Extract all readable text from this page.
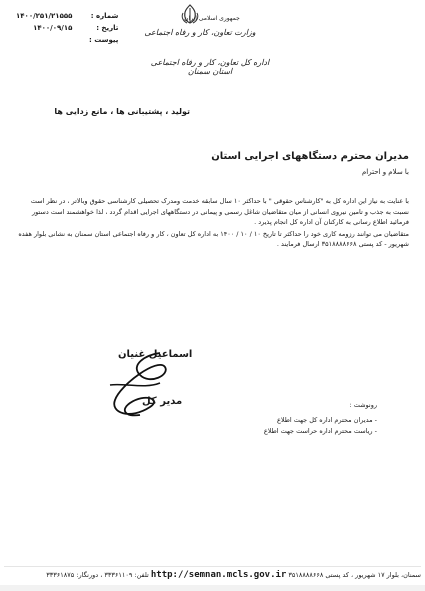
شماره :
۱۴۰۰/۲۵۱/۲۱۵۵۵
تاریخ :
۱۴۰۰/۰۹/۱۵
پیوست :
جمهوری اسلامی ایران
وزارت تعاون، کار و رفاه اجتماعی
اداره کل تعاون، کار و رفاه اجتماعی استان سمنان
تولید ، پشتیبانی ها ، مانع زدایی ها
مدیران محترم دستگاههای اجرایی استان
با سلام و احترام

با عنایت به نیاز این اداره کل به "کارشناس حقوقی " با حداکثر ۱۰ سال سابقه خدمت ومدرک تحصیلی کارشناسی حقوق وبالاتر ، در نظر است نسبت به جذب و تامین نیروی انسانی از میان متقاضیان شاغل رسمی و پیمانی در دستگاههای اجرایی اقدام گردد ، لذا خواهشمند است دستور فرمائید اطلاع رسانی به کارکنان آن اداره کل انجام پذیرد .

متقاضیان می توانند رزومه کاری خود را حداکثر تا تاریخ ۱۰ / ۱۰ / ۱۴۰۰ به اداره کل تعاون ، کار و رفاه اجتماعی استان سمنان به نشانی بلوار هفده شهریور - کد پستی ۳۵۱۸۸۸۸۶۶۸ ارسال فرمایند .

اسماعیل غنیان
مدیر کل	رونوشت :
- مدیران محترم اداره کل جهت اطلاع
- ریاست محترم اداره حراست جهت اطلاع
سمنان، بلوار ۱۷ شهریور ، کد پستی ۳۵۱۸۸۸۸۶۶۸ http://semnan.mcls.gov.ir تلفن: ۳۳۳۶۱۱۰۹ ، دورنگار: ۳۳۳۶۱۸۷۵
